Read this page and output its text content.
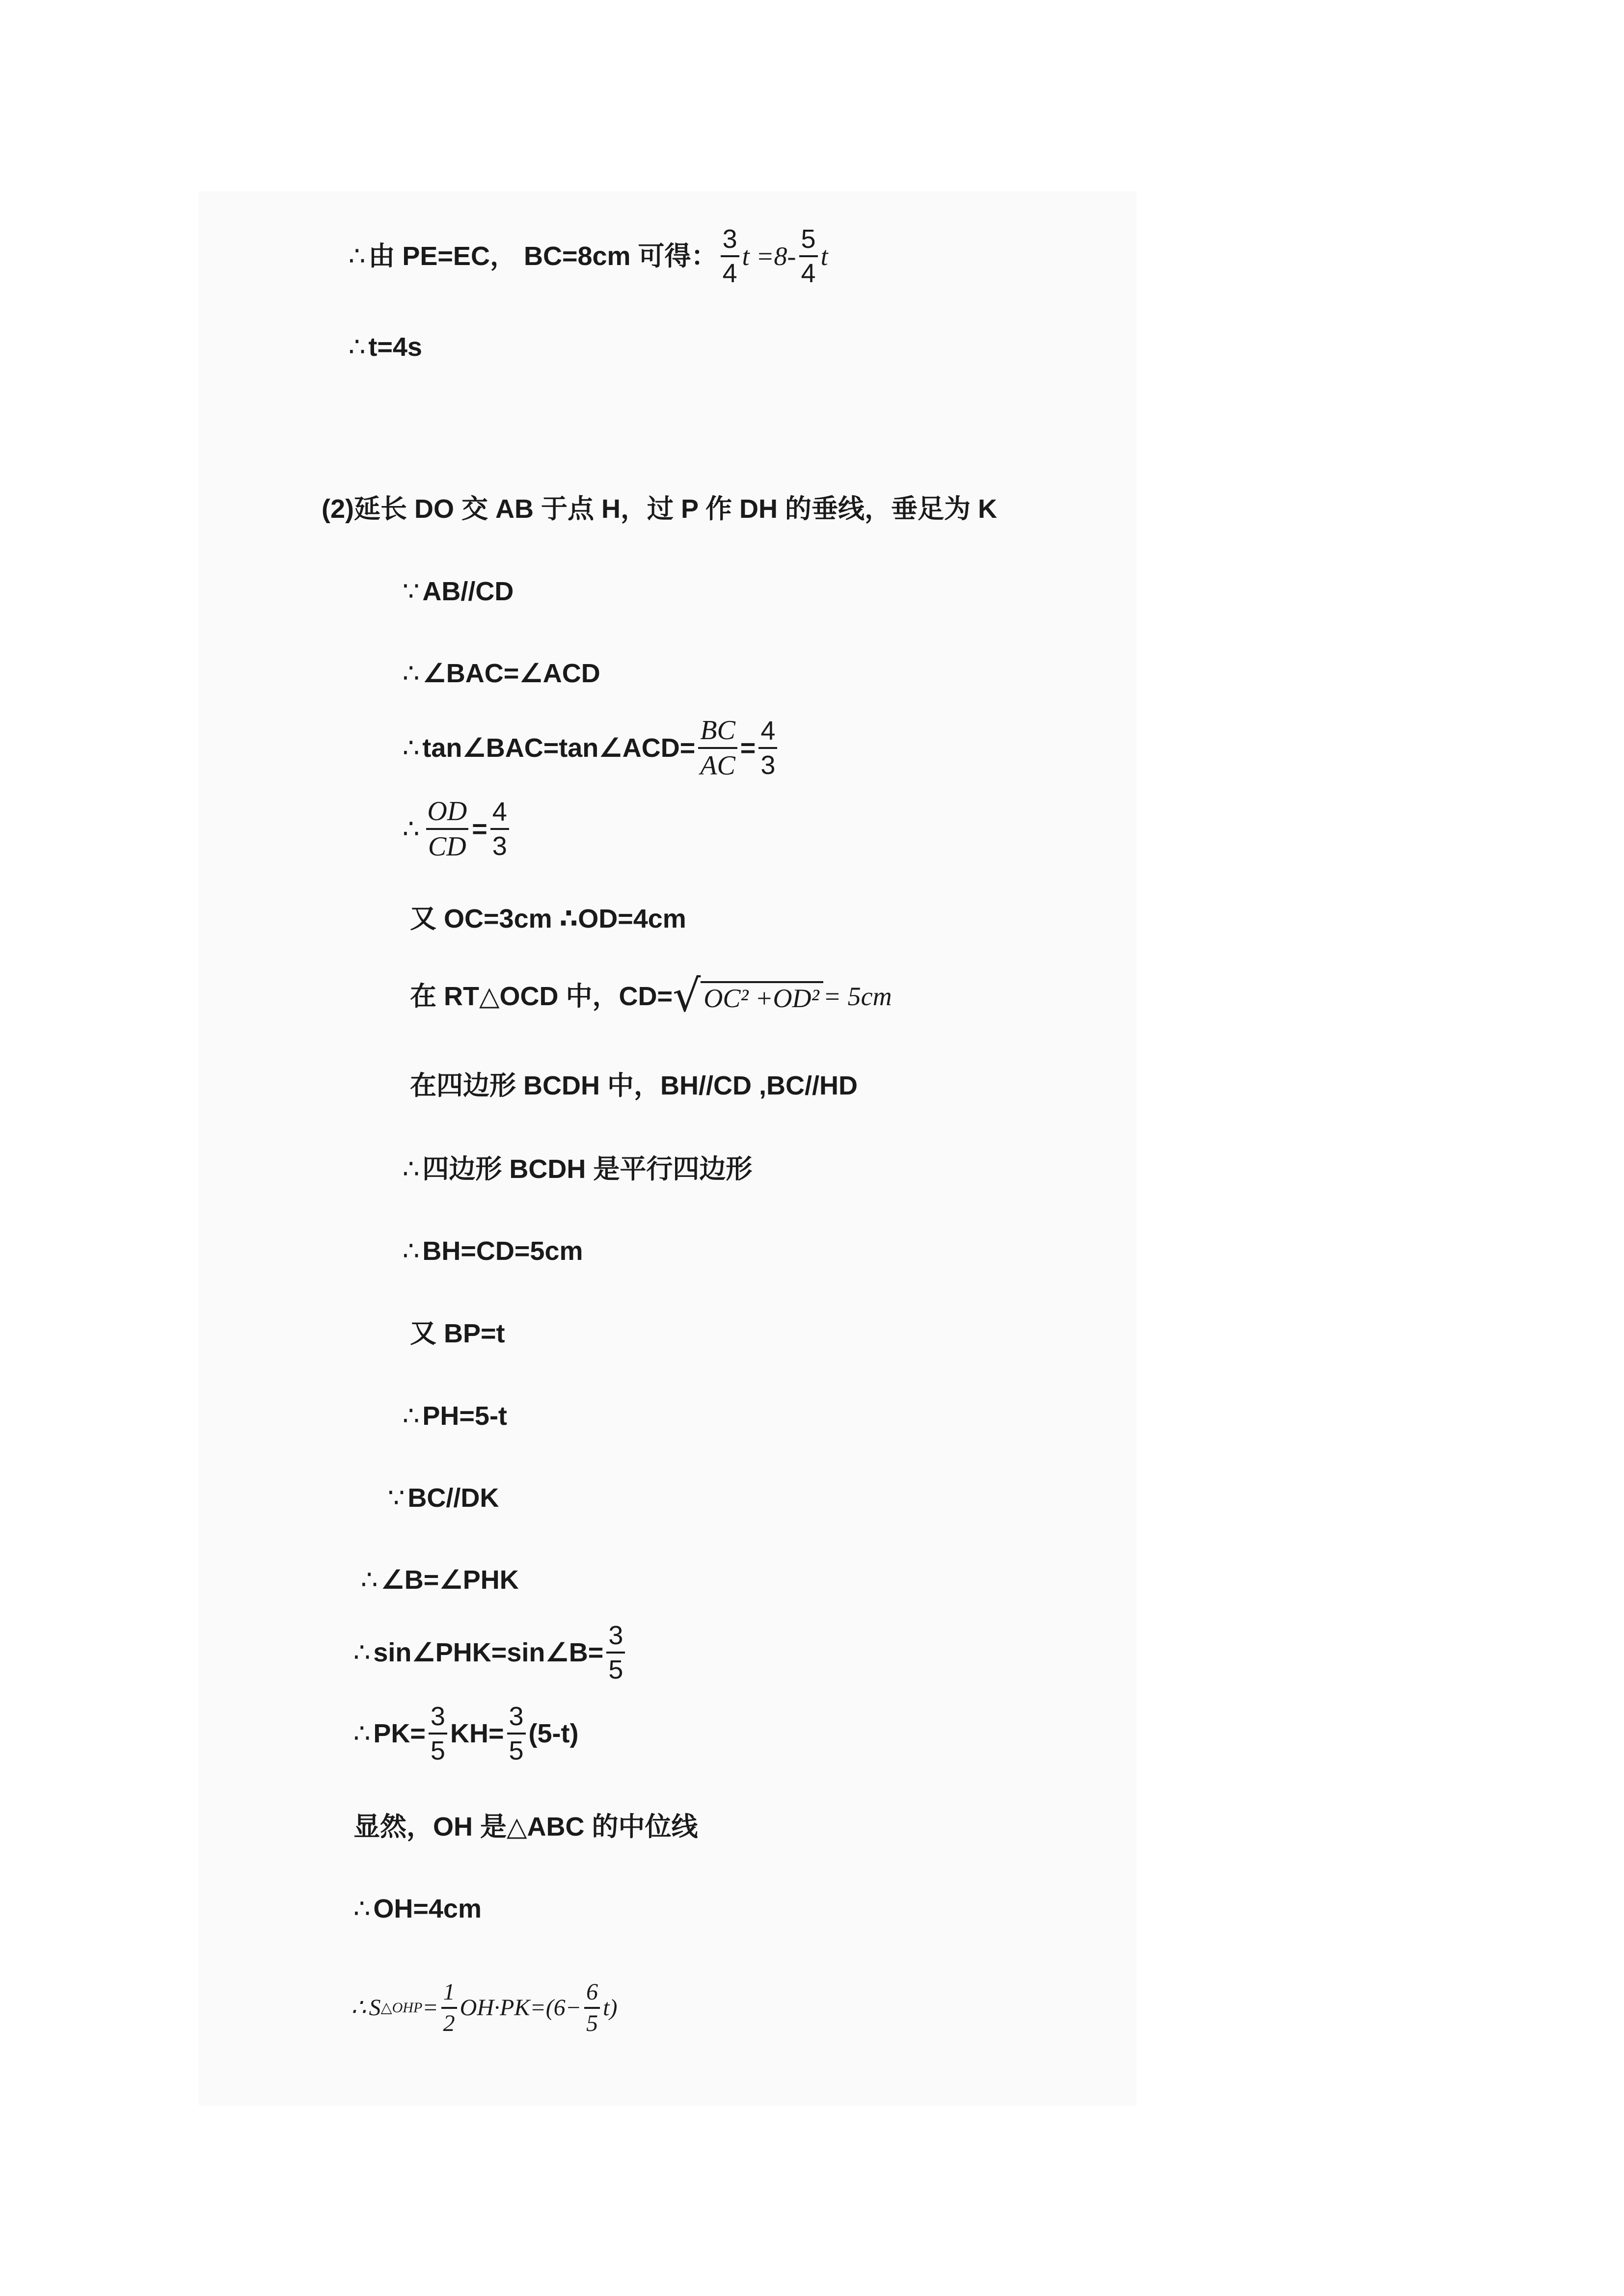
∴ 由 PE=EC， BC=8cm 可得： $\frac{3}{4}$ $t =8- \frac{5}{4}$ t
∴ t=4s
(2)延长 DO 交 AB 于点 H，过 P 作 DH 的垂线，垂足为 K
∵ AB//CD
∴ ∠BAC=∠ACD
∴ tan∠BAC=tan∠ACD= $\frac{BC}{AC} = \frac{4}{3}$
∴ $\frac{OD}{CD} = \frac{4}{3}$
又 OC=3cm ∴OD=4cm
在 RT△OCD 中，CD= √ OC² +OD² = 5cm
在四边形 BCDH 中，BH//CD ,BC//HD
∴ 四边形 BCDH 是平行四边形
∴ BH=CD=5cm
又 BP=t
∴ PH=5-t
∵ BC//DK
∴ ∠B=∠PHK
∴ sin∠PHK=sin∠B= $\frac{3}{5}$
∴ $PK= \frac{3}{5} KH= \frac{3}{5} (5-t)$
显然，OH 是△ABC 的中位线
∴ OH=4cm
∴ S △OHP = $\frac{1}{2} OH\cdot PK=(6- \frac{6}{5} t)$
